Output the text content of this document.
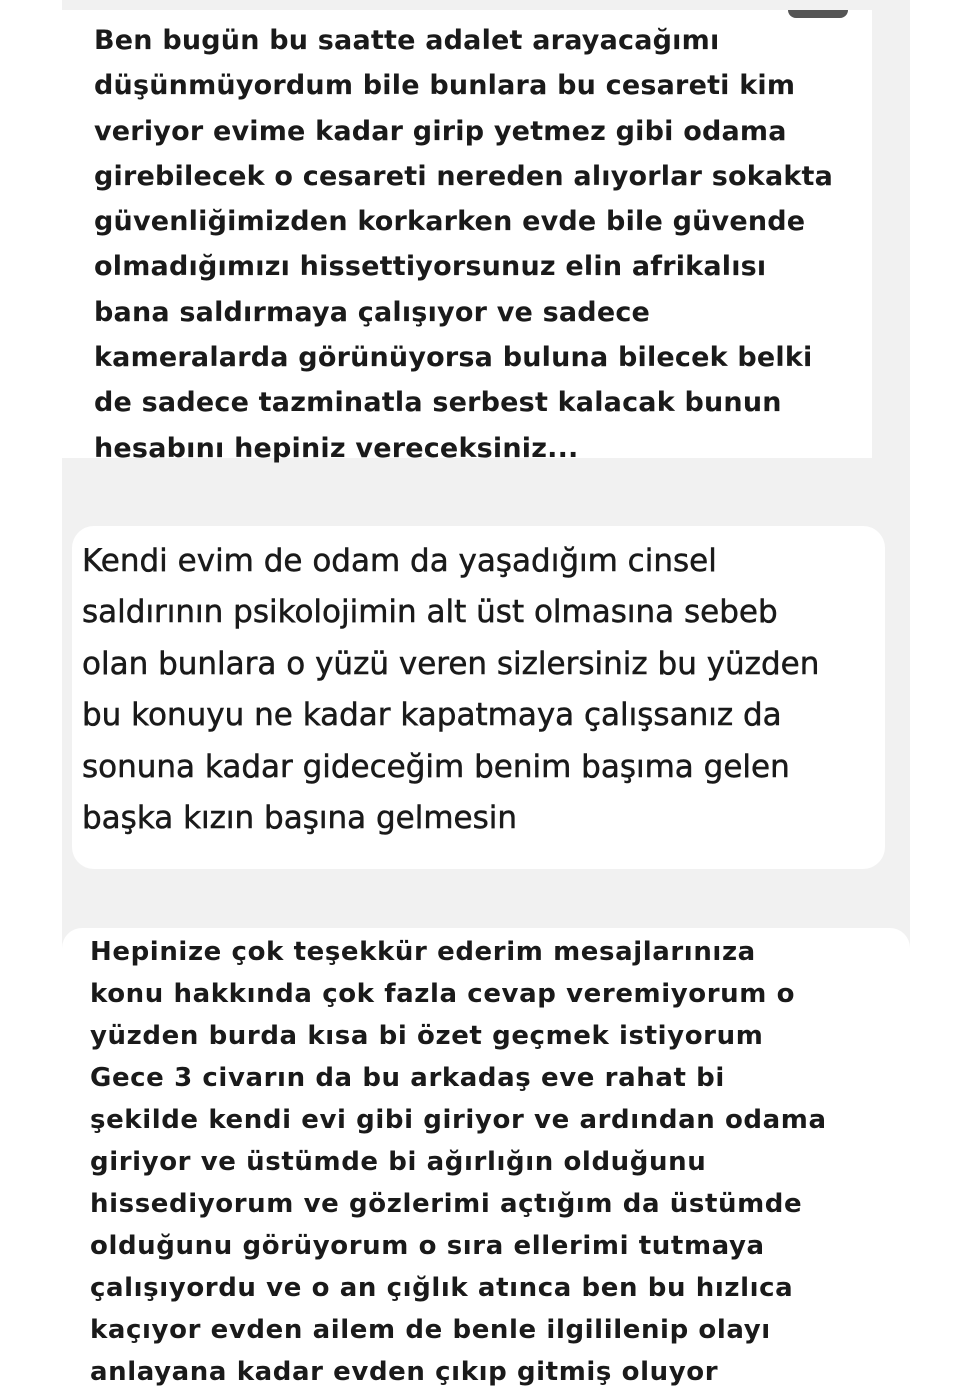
Ben bugün bu saatte adalet arayacağımı
düşünmüyordum bile bunlara bu cesareti kim
veriyor evime kadar girip yetmez gibi odama
girebilecek o cesareti nereden alıyorlar sokakta
güvenliğimizden korkarken evde bile güvende
olmadığımızı hissettiyorsunuz elin afrikalısı
bana saldırmaya çalışıyor ve sadece
kameralarda görünüyorsa buluna bilecek belki
de sadece tazminatla serbest kalacak bunun
hesabını hepiniz vereceksiniz...
Kendi evim de odam da yaşadığım cinsel
saldırının psikolojimin alt üst olmasına sebeb
olan bunlara o yüzü veren sizlersiniz bu yüzden
bu konuyu ne kadar kapatmaya çalışsanız da
sonuna kadar gideceğim benim başıma gelen
başka kızın başına gelmesin
Hepinize çok teşekkür ederim mesajlarınıza
konu hakkında çok fazla cevap veremiyorum o
yüzden burda kısa bi özet geçmek istiyorum
Gece 3 civarın da bu arkadaş eve rahat bi
şekilde kendi evi gibi giriyor ve ardından odama
giriyor ve üstümde bi ağırlığın olduğunu
hissediyorum ve gözlerimi açtığım da üstümde
olduğunu görüyorum o sıra ellerimi tutmaya
çalışıyordu ve o an çığlık atınca ben bu hızlıca
kaçıyor evden ailem de benle ilgililenip olayı
anlayana kadar evden çıkıp gitmiş oluyor
